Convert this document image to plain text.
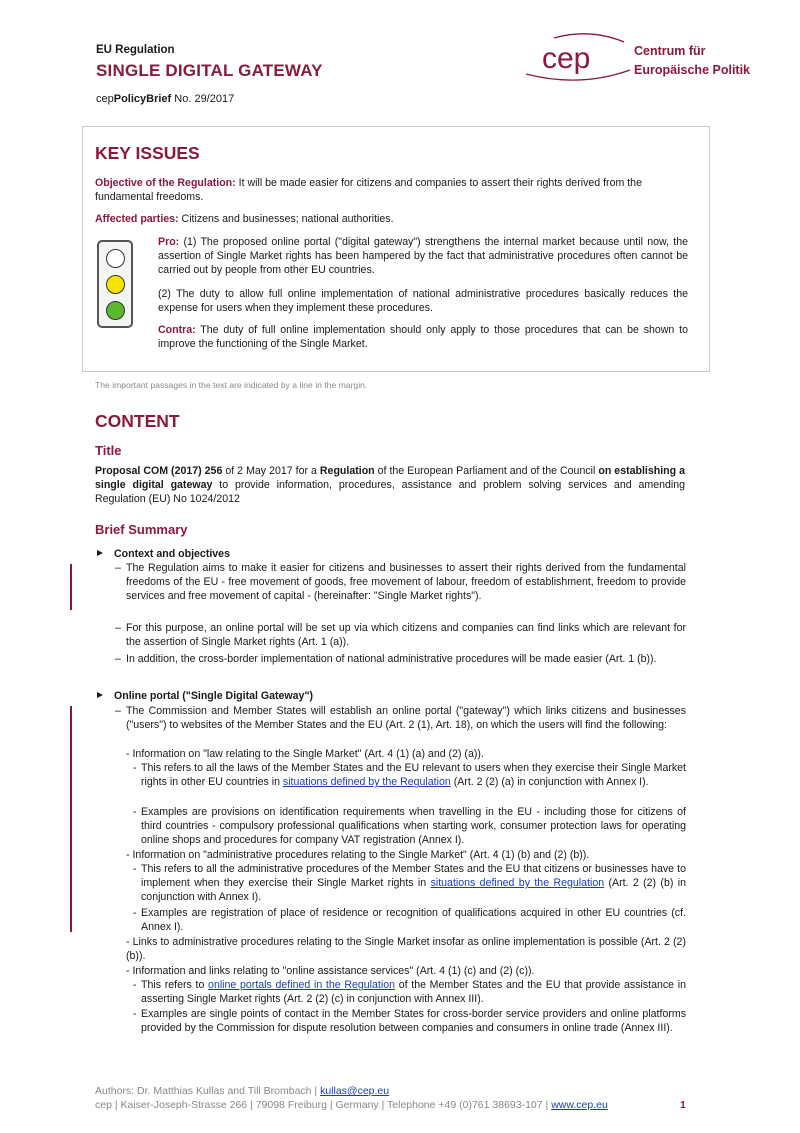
EU Regulation
SINGLE DIGITAL GATEWAY
cepPolicyBrief No. 29/2017
cep	Centrum für
Europäische Politik
KEY ISSUES
Objective of the Regulation: It will be made easier for citizens and companies to assert their rights derived from the fundamental freedoms.
Affected parties: Citizens and businesses; national authorities.
Pro: (1) The proposed online portal ("digital gateway") strengthens the internal market because until now, the assertion of Single Market rights has been hampered by the fact that administrative procedures often cannot be carried out by people from other EU countries.
(2) The duty to allow full online implementation of national administrative procedures basically reduces the expense for users when they implement these procedures.
Contra: The duty of full online implementation should only apply to those procedures that can be shown to improve the functioning of the Single Market.
The important passages in the text are indicated by a line in the margin.
CONTENT
Title
Proposal COM (2017) 256 of 2 May 2017 for a Regulation of the European Parliament and of the Council on establishing a single digital gateway to provide information, procedures, assistance and problem solving services and amending Regulation (EU) No 1024/2012
Brief Summary
Context and objectives
– The Regulation aims to make it easier for citizens and businesses to assert their rights derived from the fundamental freedoms of the EU - free movement of goods, free movement of labour, freedom of establishment, freedom to provide services and free movement of capital - (hereinafter: "Single Market rights").
– For this purpose, an online portal will be set up via which citizens and companies can find links which are relevant for the assertion of Single Market rights (Art. 1 (a)).
– In addition, the cross-border implementation of national administrative procedures will be made easier (Art. 1 (b)).
Online portal ("Single Digital Gateway")
– The Commission and Member States will establish an online portal ("gateway") which links citizens and businesses ("users") to websites of the Member States and the EU (Art. 2 (1), Art. 18), on which the users will find the following:
- Information on "law relating to the Single Market" (Art. 4 (1) (a) and (2) (a)).
- This refers to all the laws of the Member States and the EU relevant to users when they exercise their Single Market rights in other EU countries in situations defined by the Regulation (Art. 2 (2) (a) in conjunction with Annex I).
- Examples are provisions on identification requirements when travelling in the EU - including those for citizens of third countries - compulsory professional qualifications when starting work, consumer protection laws for operating online shops and procedures for company VAT registration (Annex I).
- Information on "administrative procedures relating to the Single Market" (Art. 4 (1) (b) and (2) (b)).
- This refers to all the administrative procedures of the Member States and the EU that citizens or businesses have to implement when they exercise their Single Market rights in situations defined by the Regulation (Art. 2 (2) (b) in conjunction with Annex I).
- Examples are registration of place of residence or recognition of qualifications acquired in other EU countries (cf. Annex I).
- Links to administrative procedures relating to the Single Market insofar as online implementation is possible (Art. 2 (2) (b)).
- Information and links relating to "online assistance services" (Art. 4 (1) (c) and (2) (c)).
- This refers to online portals defined in the Regulation of the Member States and the EU that provide assistance in asserting Single Market rights (Art. 2 (2) (c) in conjunction with Annex III).
- Examples are single points of contact in the Member States for cross-border service providers and online platforms provided by the Commission for dispute resolution between companies and consumers in online trade (Annex III).
Authors: Dr. Matthias Kullas and Till Brombach | kullas@cep.eu
cep | Kaiser-Joseph-Strasse 266 | 79098 Freiburg | Germany | Telephone +49 (0)761 38693-107 | www.cep.eu	1
